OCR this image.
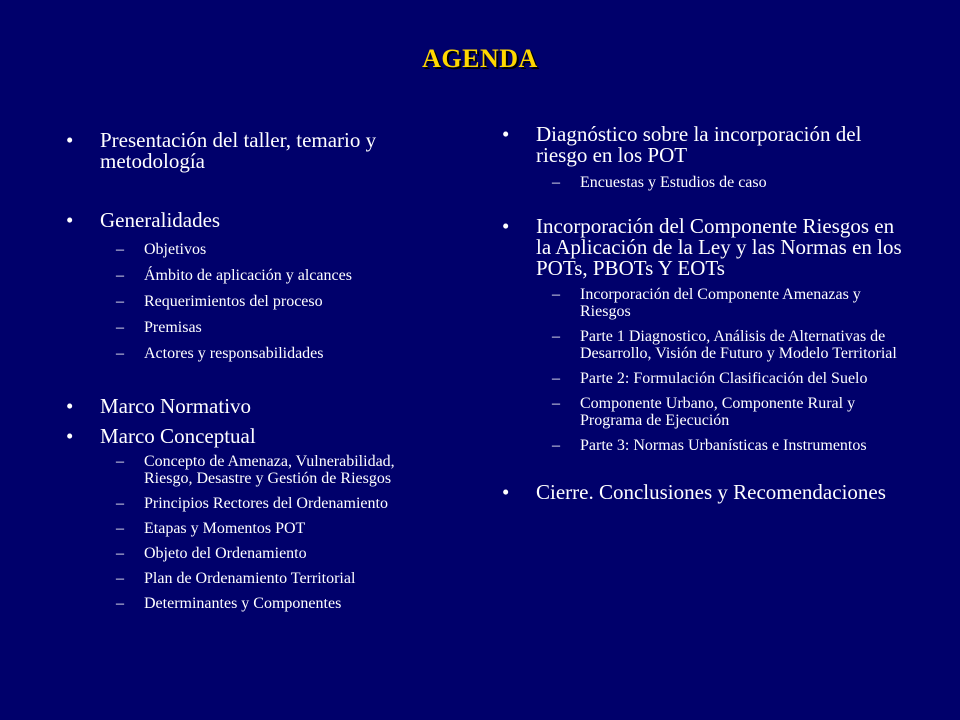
AGENDA
• Presentación del taller, temario y metodología
• Generalidades
– Objetivos
– Ámbito de aplicación y alcances
– Requerimientos del proceso
– Premisas
– Actores y responsabilidades
• Marco Normativo
• Marco Conceptual
– Concepto de Amenaza, Vulnerabilidad, Riesgo, Desastre y Gestión de Riesgos
– Principios Rectores del Ordenamiento
– Etapas y Momentos POT
– Objeto del Ordenamiento
– Plan de Ordenamiento Territorial
– Determinantes y Componentes
• Diagnóstico sobre la incorporación del riesgo en los POT
– Encuestas y Estudios de caso
• Incorporación del Componente Riesgos en la Aplicación de la Ley y las Normas en los POTs, PBOTs Y EOTs
– Incorporación del Componente Amenazas y Riesgos
– Parte 1 Diagnostico, Análisis de Alternativas de Desarrollo, Visión de Futuro y Modelo Territorial
– Parte 2: Formulación Clasificación del Suelo
– Componente Urbano, Componente Rural y Programa de Ejecución
– Parte 3: Normas Urbanísticas e Instrumentos
• Cierre. Conclusiones y Recomendaciones
